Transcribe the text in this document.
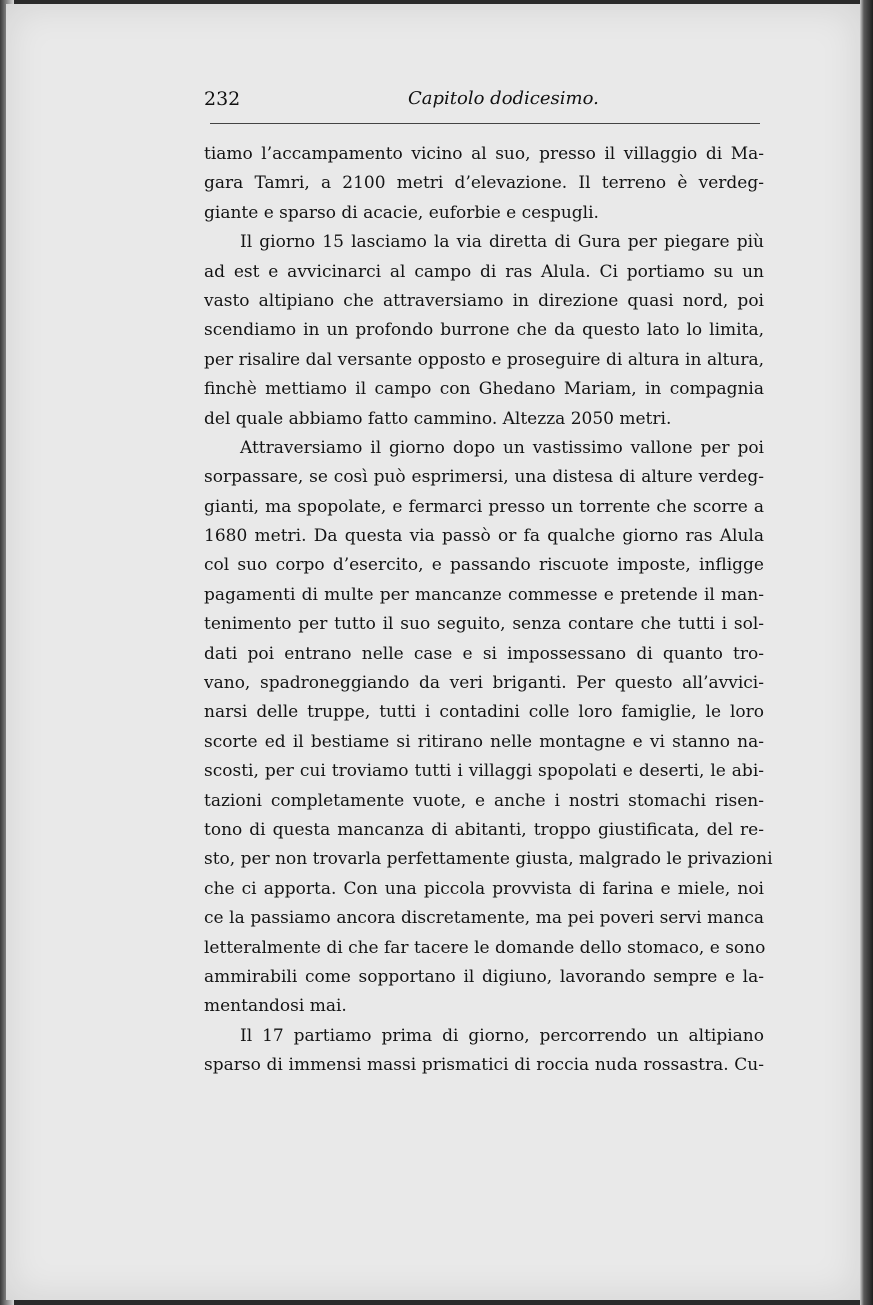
232	Capitolo dodicesimo.
tiamo l’accampamento vicino al suo, presso il villaggio di Ma-
gara Tamri, a 2100 metri d’elevazione. Il terreno è verdeg-
giante e sparso di acacie, euforbie e cespugli.
Il giorno 15 lasciamo la via diretta di Gura per piegare più
ad est e avvicinarci al campo di ras Alula. Ci portiamo su un
vasto altipiano che attraversiamo in direzione quasi nord, poi
scendiamo in un profondo burrone che da questo lato lo limita,
per risalire dal versante opposto e proseguire di altura in altura,
finchè mettiamo il campo con Ghedano Mariam, in compagnia
del quale abbiamo fatto cammino. Altezza 2050 metri.
Attraversiamo il giorno dopo un vastissimo vallone per poi
sorpassare, se così può esprimersi, una distesa di alture verdeg-
gianti, ma spopolate, e fermarci presso un torrente che scorre a
1680 metri. Da questa via passò or fa qualche giorno ras Alula
col suo corpo d’esercito, e passando riscuote imposte, infligge
pagamenti di multe per mancanze commesse e pretende il man-
tenimento per tutto il suo seguito, senza contare che tutti i sol-
dati poi entrano nelle case e si impossessano di quanto tro-
vano, spadroneggiando da veri briganti. Per questo all’avvici-
narsi delle truppe, tutti i contadini colle loro famiglie, le loro
scorte ed il bestiame si ritirano nelle montagne e vi stanno na-
scosti, per cui troviamo tutti i villaggi spopolati e deserti, le abi-
tazioni completamente vuote, e anche i nostri stomachi risen-
tono di questa mancanza di abitanti, troppo giustificata, del re-
sto, per non trovarla perfettamente giusta, malgrado le privazioni
che ci apporta. Con una piccola provvista di farina e miele, noi
ce la passiamo ancora discretamente, ma pei poveri servi manca
letteralmente di che far tacere le domande dello stomaco, e sono
ammirabili come sopportano il digiuno, lavorando sempre e la-
mentandosi mai.
Il 17 partiamo prima di giorno, percorrendo un altipiano
sparso di immensi massi prismatici di roccia nuda rossastra. Cu-
